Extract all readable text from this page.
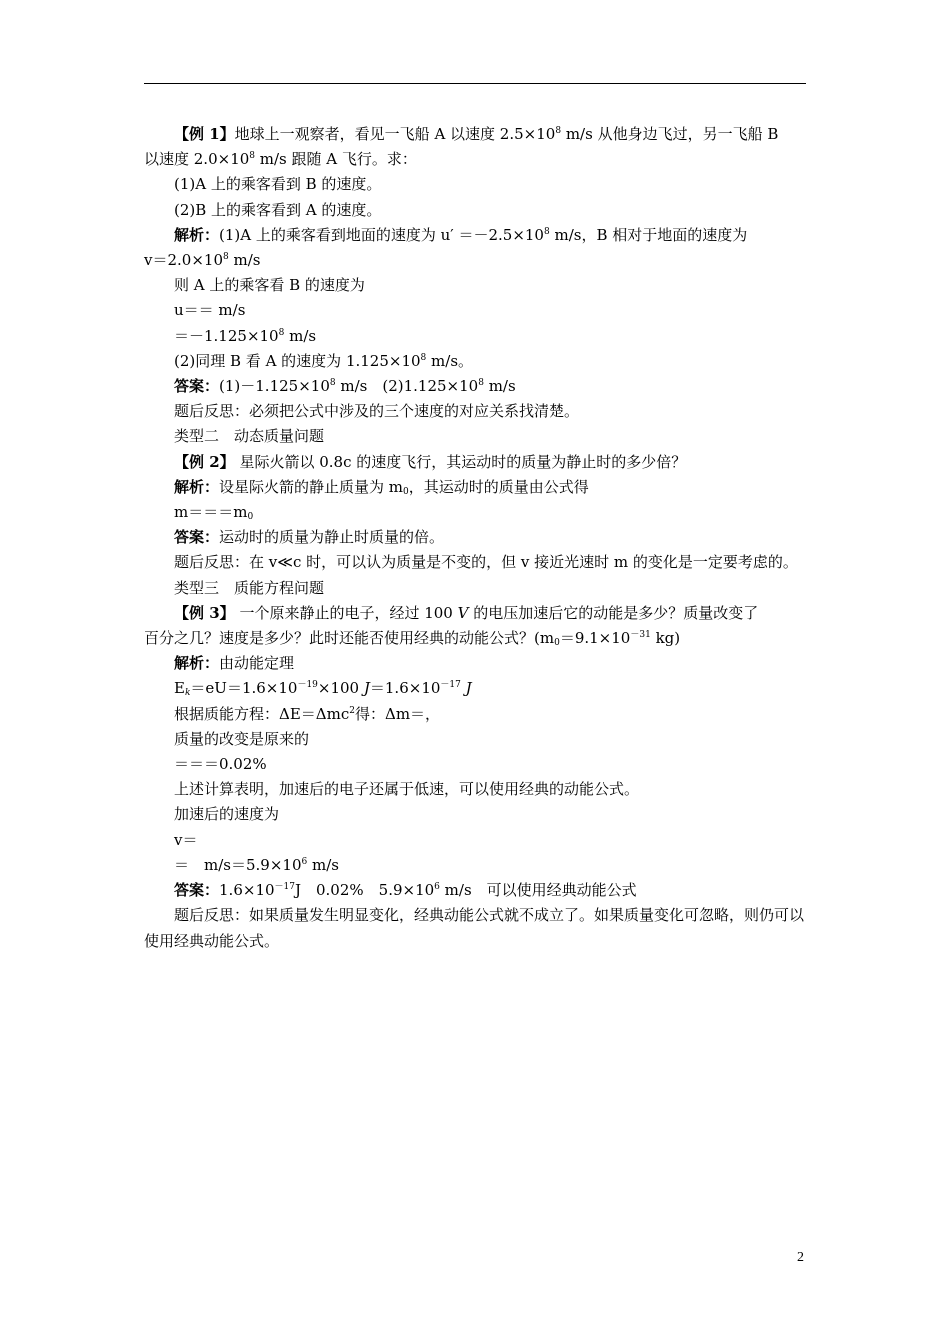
【例 1】地球上一观察者，看见一飞船 A 以速度 $2.5\times 10^8$ m/s 从他身边飞过，另一飞船 B
以速度 $2.0\times 10^8$ m/s 跟随 A 飞行。求：
(1)A 上的乘客看到 B 的速度。
(2)B 上的乘客看到 A 的速度。
解析：(1)A 上的乘客看到地面的速度为 $u' =-2.5\times 10^8$ m/s，B 相对于地面的速度为
$v=2.0\times 10^8$ m/s
则 A 上的乘客看 B 的速度为
u＝＝ m/s
$=-1.125\times 10^8$ m/s
(2)同理 B 看 A 的速度为 $1.125\times 10^8$ m/s。
答案：$(1)-1.125\times 10^8$ m/s　$(2)1.125\times 10^8$ m/s
题后反思：必须把公式中涉及的三个速度的对应关系找清楚。
类型二　动态质量问题
【例 2】 星际火箭以 0.8c 的速度飞行，其运动时的质量为静止时的多少倍？
解析：设星际火箭的静止质量为 $m_0$，其运动时的质量由公式得
$m===m_0$
答案：运动时的质量为静止时质量的倍。
题后反思：在 v≪c 时，可以认为质量是不变的，但 v 接近光速时 m 的变化是一定要考虑的。
类型三　质能方程问题
【例 3】 一个原来静止的电子，经过 100 V 的电压加速后它的动能是多少？质量改变了
百分之几？速度是多少？此时还能否使用经典的动能公式？($m_0=9.1\times 10^{-31}$ kg)
解析：由动能定理
$E_k=eU=1.6\times 10^{-19}\times 100$ $J=1.6\times 10^{-17}$ J
根据质能方程：ΔE＝Δmc$^2$得：Δm＝，
质量的改变是原来的
＝＝＝0.02%
上述计算表明，加速后的电子还属于低速，可以使用经典的动能公式。
加速后的速度为
v＝
＝　$m/s=5.9\times 10^6$ m/s
答案：$1.6\times 10^{-17}J$　0.02%　$5.9\times 10^6$ m/s　可以使用经典动能公式
题后反思：如果质量发生明显变化，经典动能公式就不成立了。如果质量变化可忽略，则仍可以使用经典动能公式。
2
